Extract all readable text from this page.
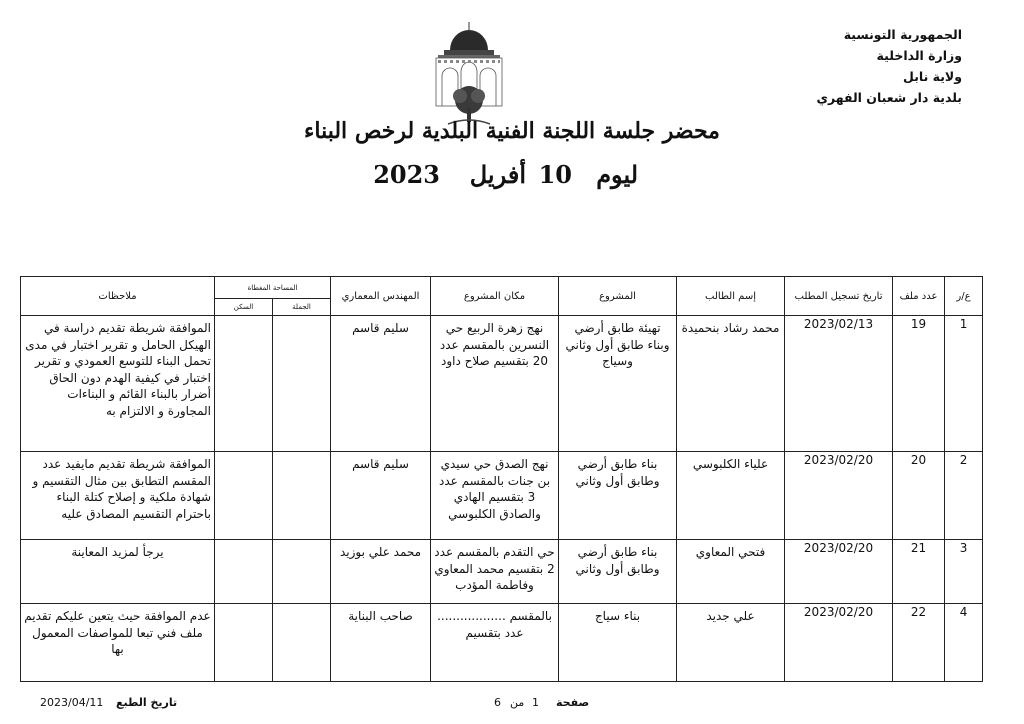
الجمهورية التونسية
وزارة الداخلية
ولاية نابل
بلدية دار شعبان الفهري
محضر جلسة اللجنة الفنية البلدية لرخص البناء
ليوم
10
أفريل
2023
ع/ر	عدد ملف	تاريخ تسجيل المطلب	إسم الطالب	المشروع	مكان المشروع	المهندس المعماري	المساحة المغطاة		ملاحظات
							الجملة	السكن	
1	19	2023/02/13	محمد رشاد بنحميدة	تهيئة طابق أرضي وبناء طابق أول وثاني وسياج	نهج زهرة الربيع حي النسرين بالمقسم عدد 20 بتقسيم صلاح داود	سليم قاسم			الموافقة شريطة تقديم دراسة في الهيكل الحامل و تقرير اختبار في مدى تحمل البناء للتوسع العمودي و تقرير اختبار في كيفية الهدم دون الحاق أضرار بالبناء القائم و البناءات المجاورة و الالتزام به
2	20	2023/02/20	علياء الكلبوسي	بناء طابق أرضي وطابق أول وثاني	نهج الصدق حي سيدي بن جنات بالمقسم عدد 3 بتقسيم الهادي والصادق الكلبوسي	سليم قاسم			الموافقة شريطة تقديم مايفيد عدد المقسم التطابق بين مثال التقسيم و شهادة ملكية و إصلاح كتلة البناء باحترام التقسيم المصادق عليه
3	21	2023/02/20	فتحي المعاوي	بناء طابق أرضي وطابق أول وثاني	حي التقدم بالمقسم عدد 2 بتقسيم محمد المعاوي وفاطمة المؤدب	محمد علي بوزيد			يرجأ لمزيد المعاينة
4	22	2023/02/20	علي جديد	بناء سياج	بالمقسم .................. عدد بتقسيم	صاحب البناية			عدم الموافقة حيث يتعين عليكم تقديم ملف فني تبعا للمواصفات المعمول بها
2023/04/11 تاريخ الطبع	6 من 1 صفحة
